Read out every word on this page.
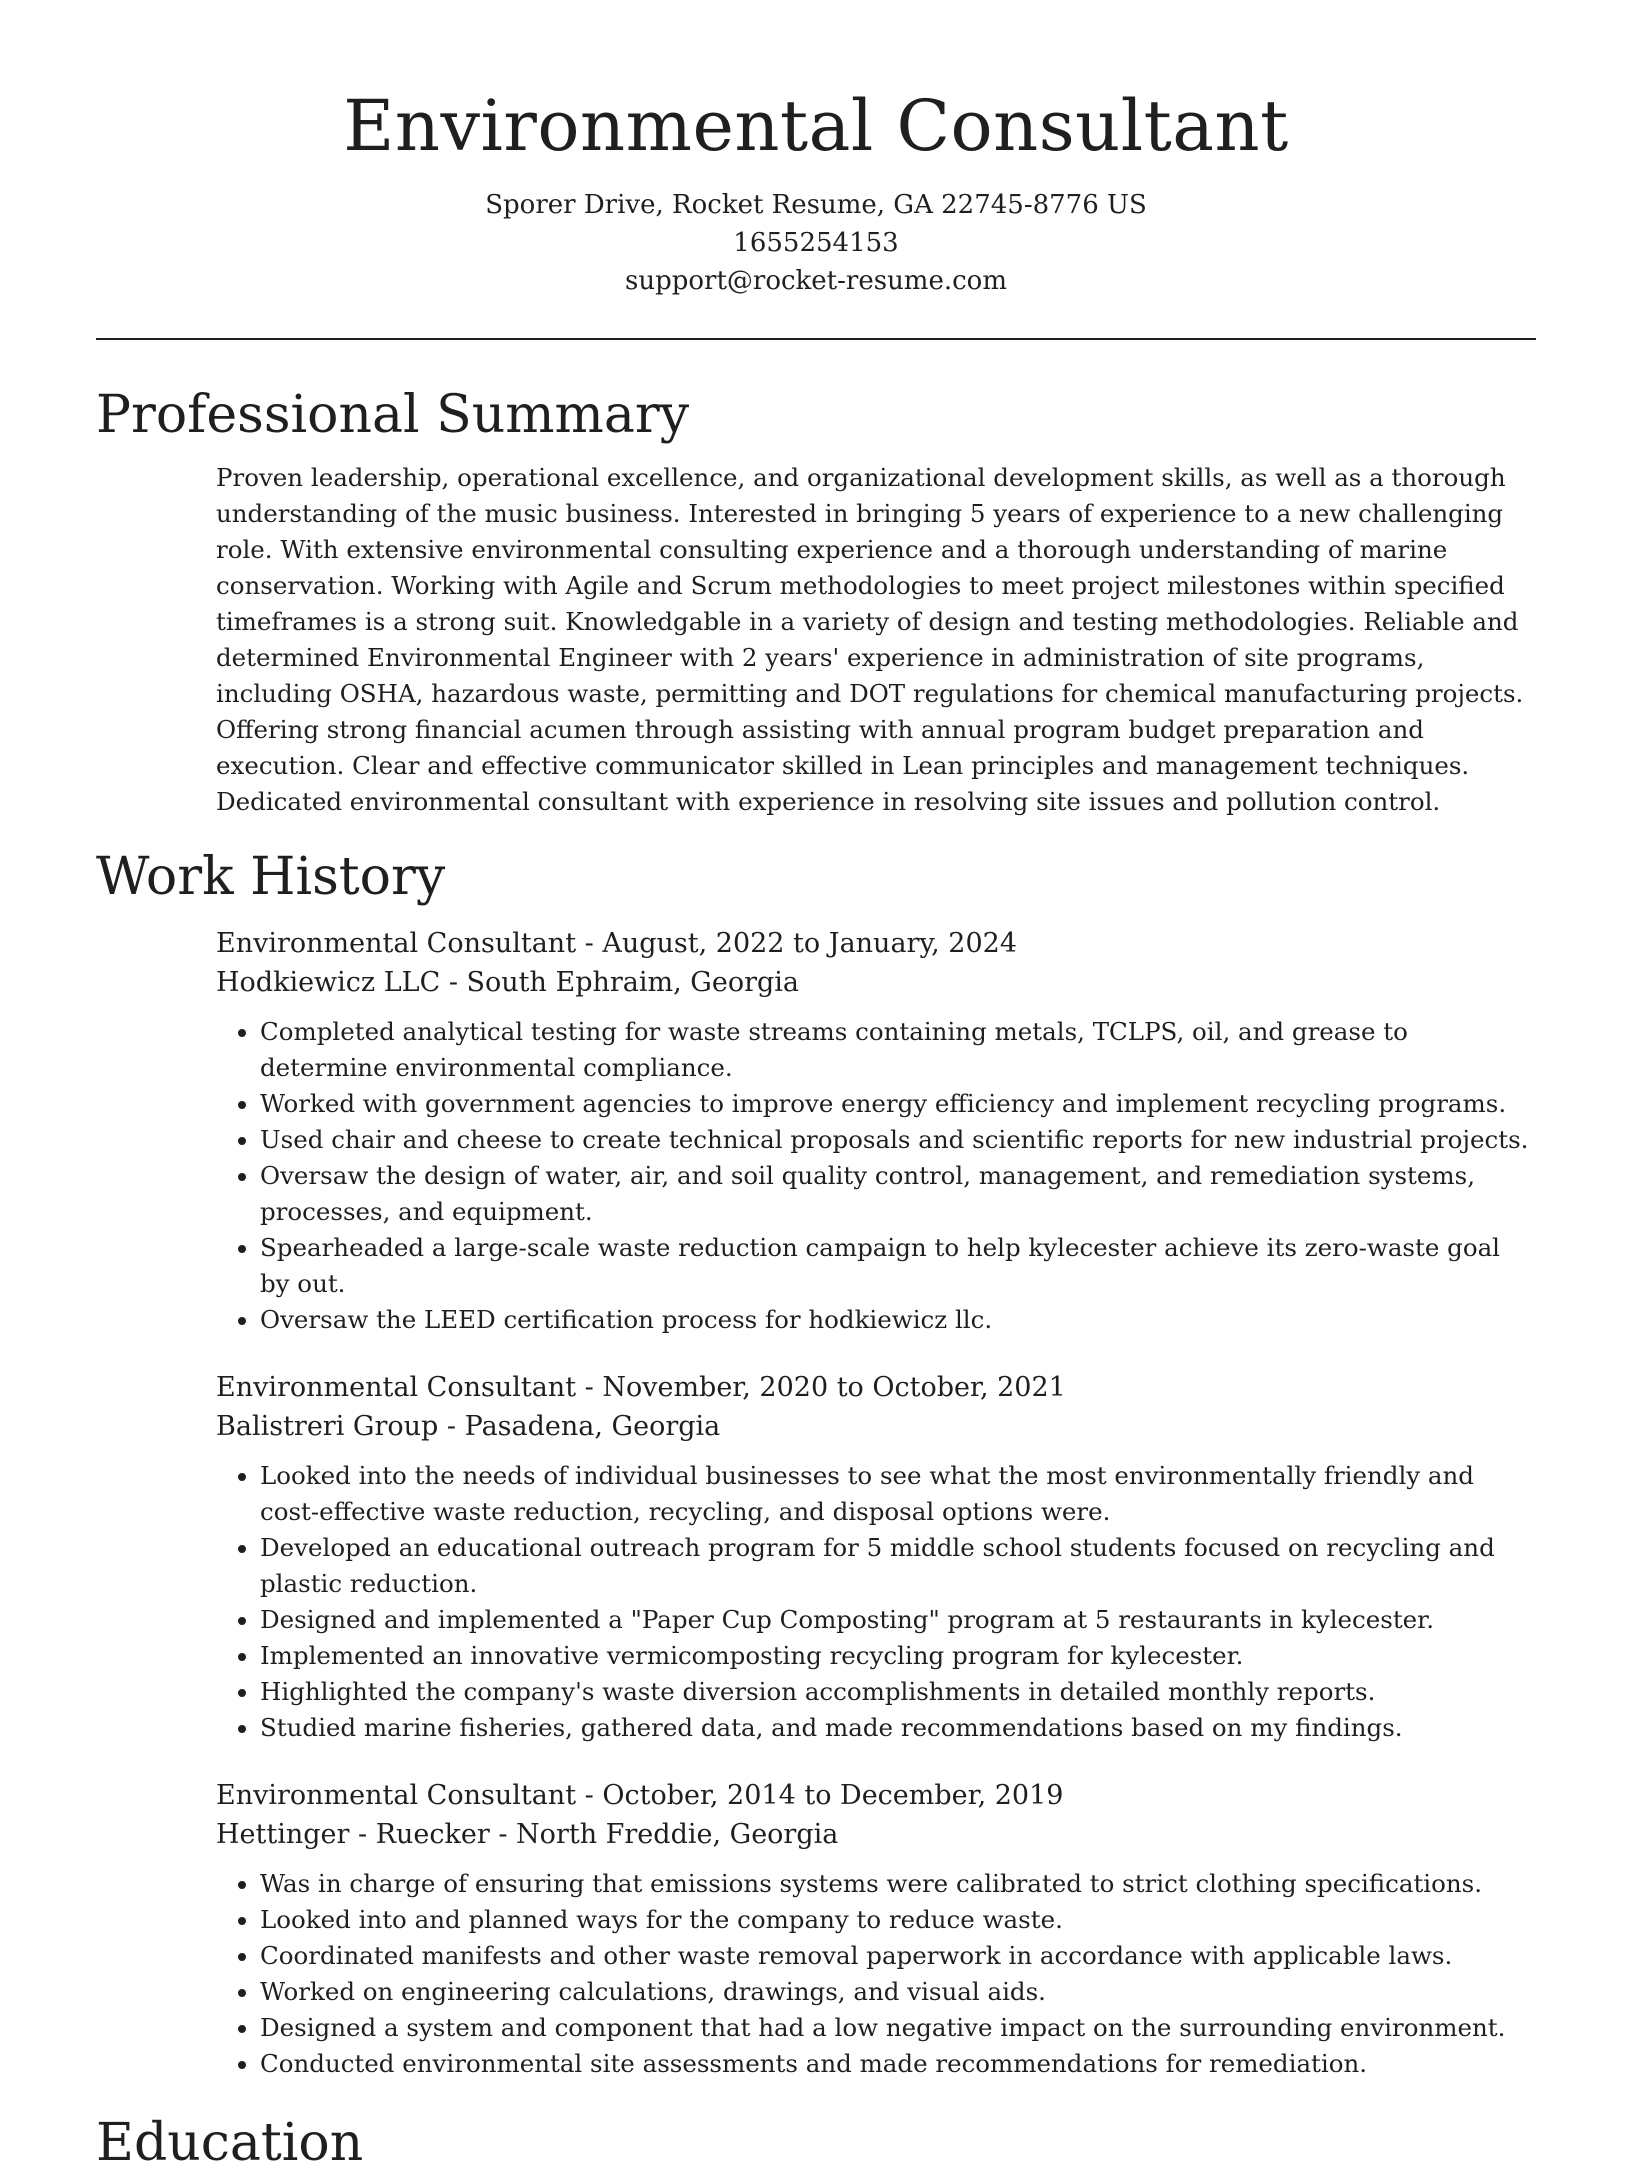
Environmental Consultant
Sporer Drive, Rocket Resume, GA 22745-8776 US
1655254153
support@rocket-resume.com
Professional Summary
Proven leadership, operational excellence, and organizational development skills, as well as a thorough understanding of the music business. Interested in bringing 5 years of experience to a new challenging role. With extensive environmental consulting experience and a thorough understanding of marine conservation. Working with Agile and Scrum methodologies to meet project milestones within specified timeframes is a strong suit. Knowledgable in a variety of design and testing methodologies. Reliable and determined Environmental Engineer with 2 years' experience in administration of site programs, including OSHA, hazardous waste, permitting and DOT regulations for chemical manufacturing projects. Offering strong financial acumen through assisting with annual program budget preparation and execution. Clear and effective communicator skilled in Lean principles and management techniques. Dedicated environmental consultant with experience in resolving site issues and pollution control.
Work History
Environmental Consultant - August, 2022 to January, 2024
Hodkiewicz LLC - South Ephraim, Georgia
• Completed analytical testing for waste streams containing metals, TCLPS, oil, and grease to determine environmental compliance.
• Worked with government agencies to improve energy efficiency and implement recycling programs.
• Used chair and cheese to create technical proposals and scientific reports for new industrial projects.
• Oversaw the design of water, air, and soil quality control, management, and remediation systems, processes, and equipment.
• Spearheaded a large-scale waste reduction campaign to help kylecester achieve its zero-waste goal by out.
• Oversaw the LEED certification process for hodkiewicz llc.
Environmental Consultant - November, 2020 to October, 2021
Balistreri Group - Pasadena, Georgia
• Looked into the needs of individual businesses to see what the most environmentally friendly and cost-effective waste reduction, recycling, and disposal options were.
• Developed an educational outreach program for 5 middle school students focused on recycling and plastic reduction.
• Designed and implemented a "Paper Cup Composting" program at 5 restaurants in kylecester.
• Implemented an innovative vermicomposting recycling program for kylecester.
• Highlighted the company's waste diversion accomplishments in detailed monthly reports.
• Studied marine fisheries, gathered data, and made recommendations based on my findings.
Environmental Consultant - October, 2014 to December, 2019
Hettinger - Ruecker - North Freddie, Georgia
• Was in charge of ensuring that emissions systems were calibrated to strict clothing specifications.
• Looked into and planned ways for the company to reduce waste.
• Coordinated manifests and other waste removal paperwork in accordance with applicable laws.
• Worked on engineering calculations, drawings, and visual aids.
• Designed a system and component that had a low negative impact on the surrounding environment.
• Conducted environmental site assessments and made recommendations for remediation.
Education
